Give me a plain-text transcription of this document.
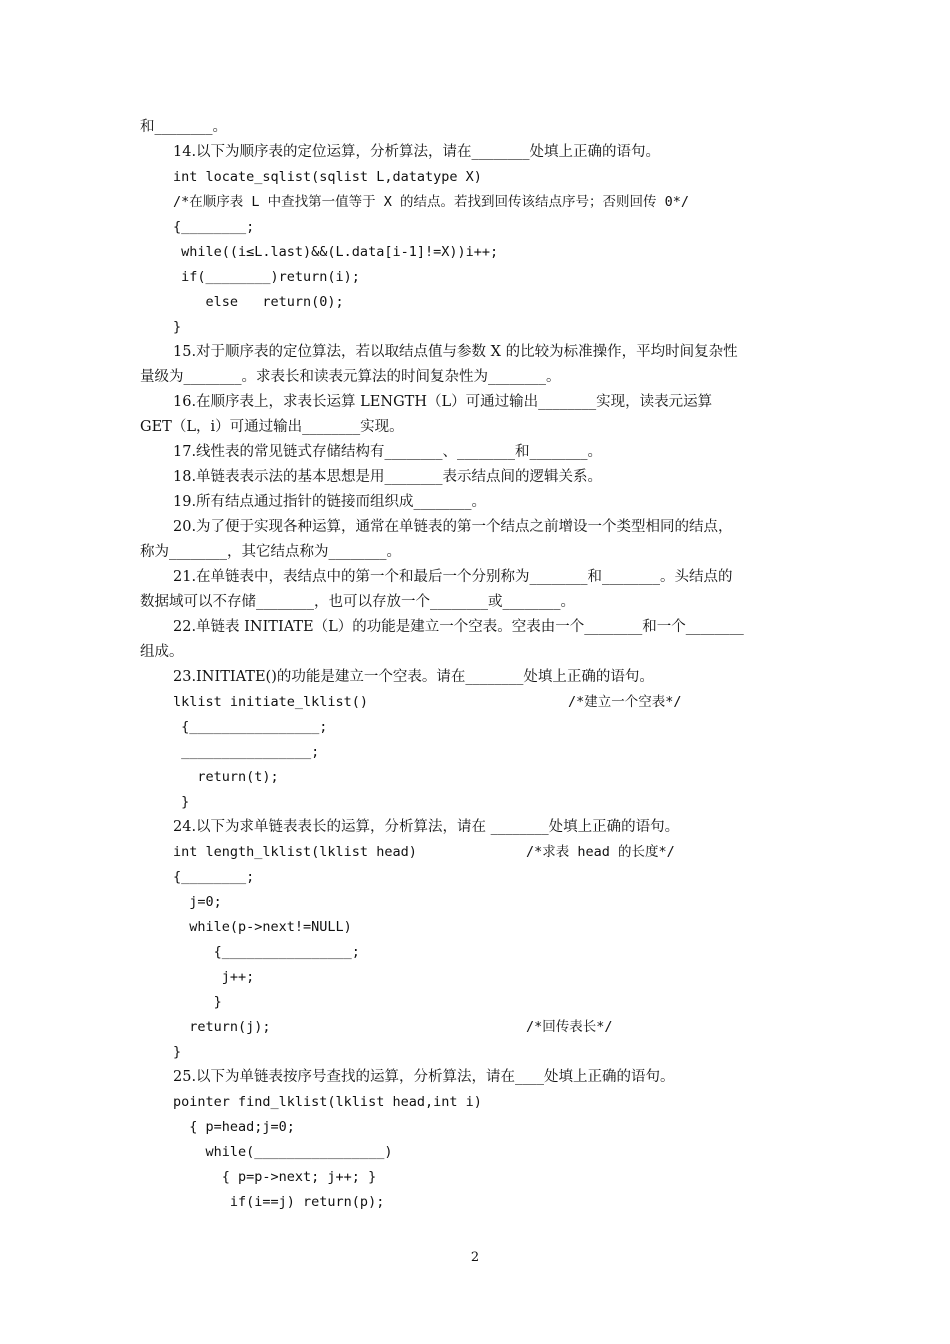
和________。
14.以下为顺序表的定位运算，分析算法，请在________处填上正确的语句。
int locate_sqlist(sqlist L,datatype X)
/*在顺序表 L 中查找第一值等于 X 的结点。若找到回传该结点序号；否则回传 0*/
{________;
while((i≤L.last)&&(L.data[i-1]!=X))i++;
if(________)return(i);
else   return(0);
}
15.对于顺序表的定位算法，若以取结点值与参数 X 的比较为标准操作，平均时间复杂性
量级为________。求表长和读表元算法的时间复杂性为________。
16.在顺序表上，求表长运算 LENGTH（L）可通过输出________实现，读表元运算
GET（L，i）可通过输出________实现。
17.线性表的常见链式存储结构有________、________和________。
18.单链表表示法的基本思想是用________表示结点间的逻辑关系。
19.所有结点通过指针的链接而组织成________。
20.为了便于实现各种运算，通常在单链表的第一个结点之前增设一个类型相同的结点，
称为________，其它结点称为________。
21.在单链表中，表结点中的第一个和最后一个分别称为________和________。头结点的
数据域可以不存储________，也可以存放一个________或________。
22.单链表 INITIATE（L）的功能是建立一个空表。空表由一个________和一个________
组成。
23.INITIATE()的功能是建立一个空表。请在________处填上正确的语句。
lklist initiate_lklist()	/*建立一个空表*/
{________________;
________________;
return(t);
}
24.以下为求单链表表长的运算，分析算法，请在 ________处填上正确的语句。
int length_lklist(lklist head)	/*求表 head 的长度*/
{________;
j=0;
while(p->next!=NULL)
{________________;
j++;
}
return(j);	/*回传表长*/
}
25.以下为单链表按序号查找的运算，分析算法，请在____处填上正确的语句。
pointer find_lklist(lklist head,int i)
{ p=head;j=0;
while(________________)
{ p=p->next; j++; }
if(i==j) return(p);
2
